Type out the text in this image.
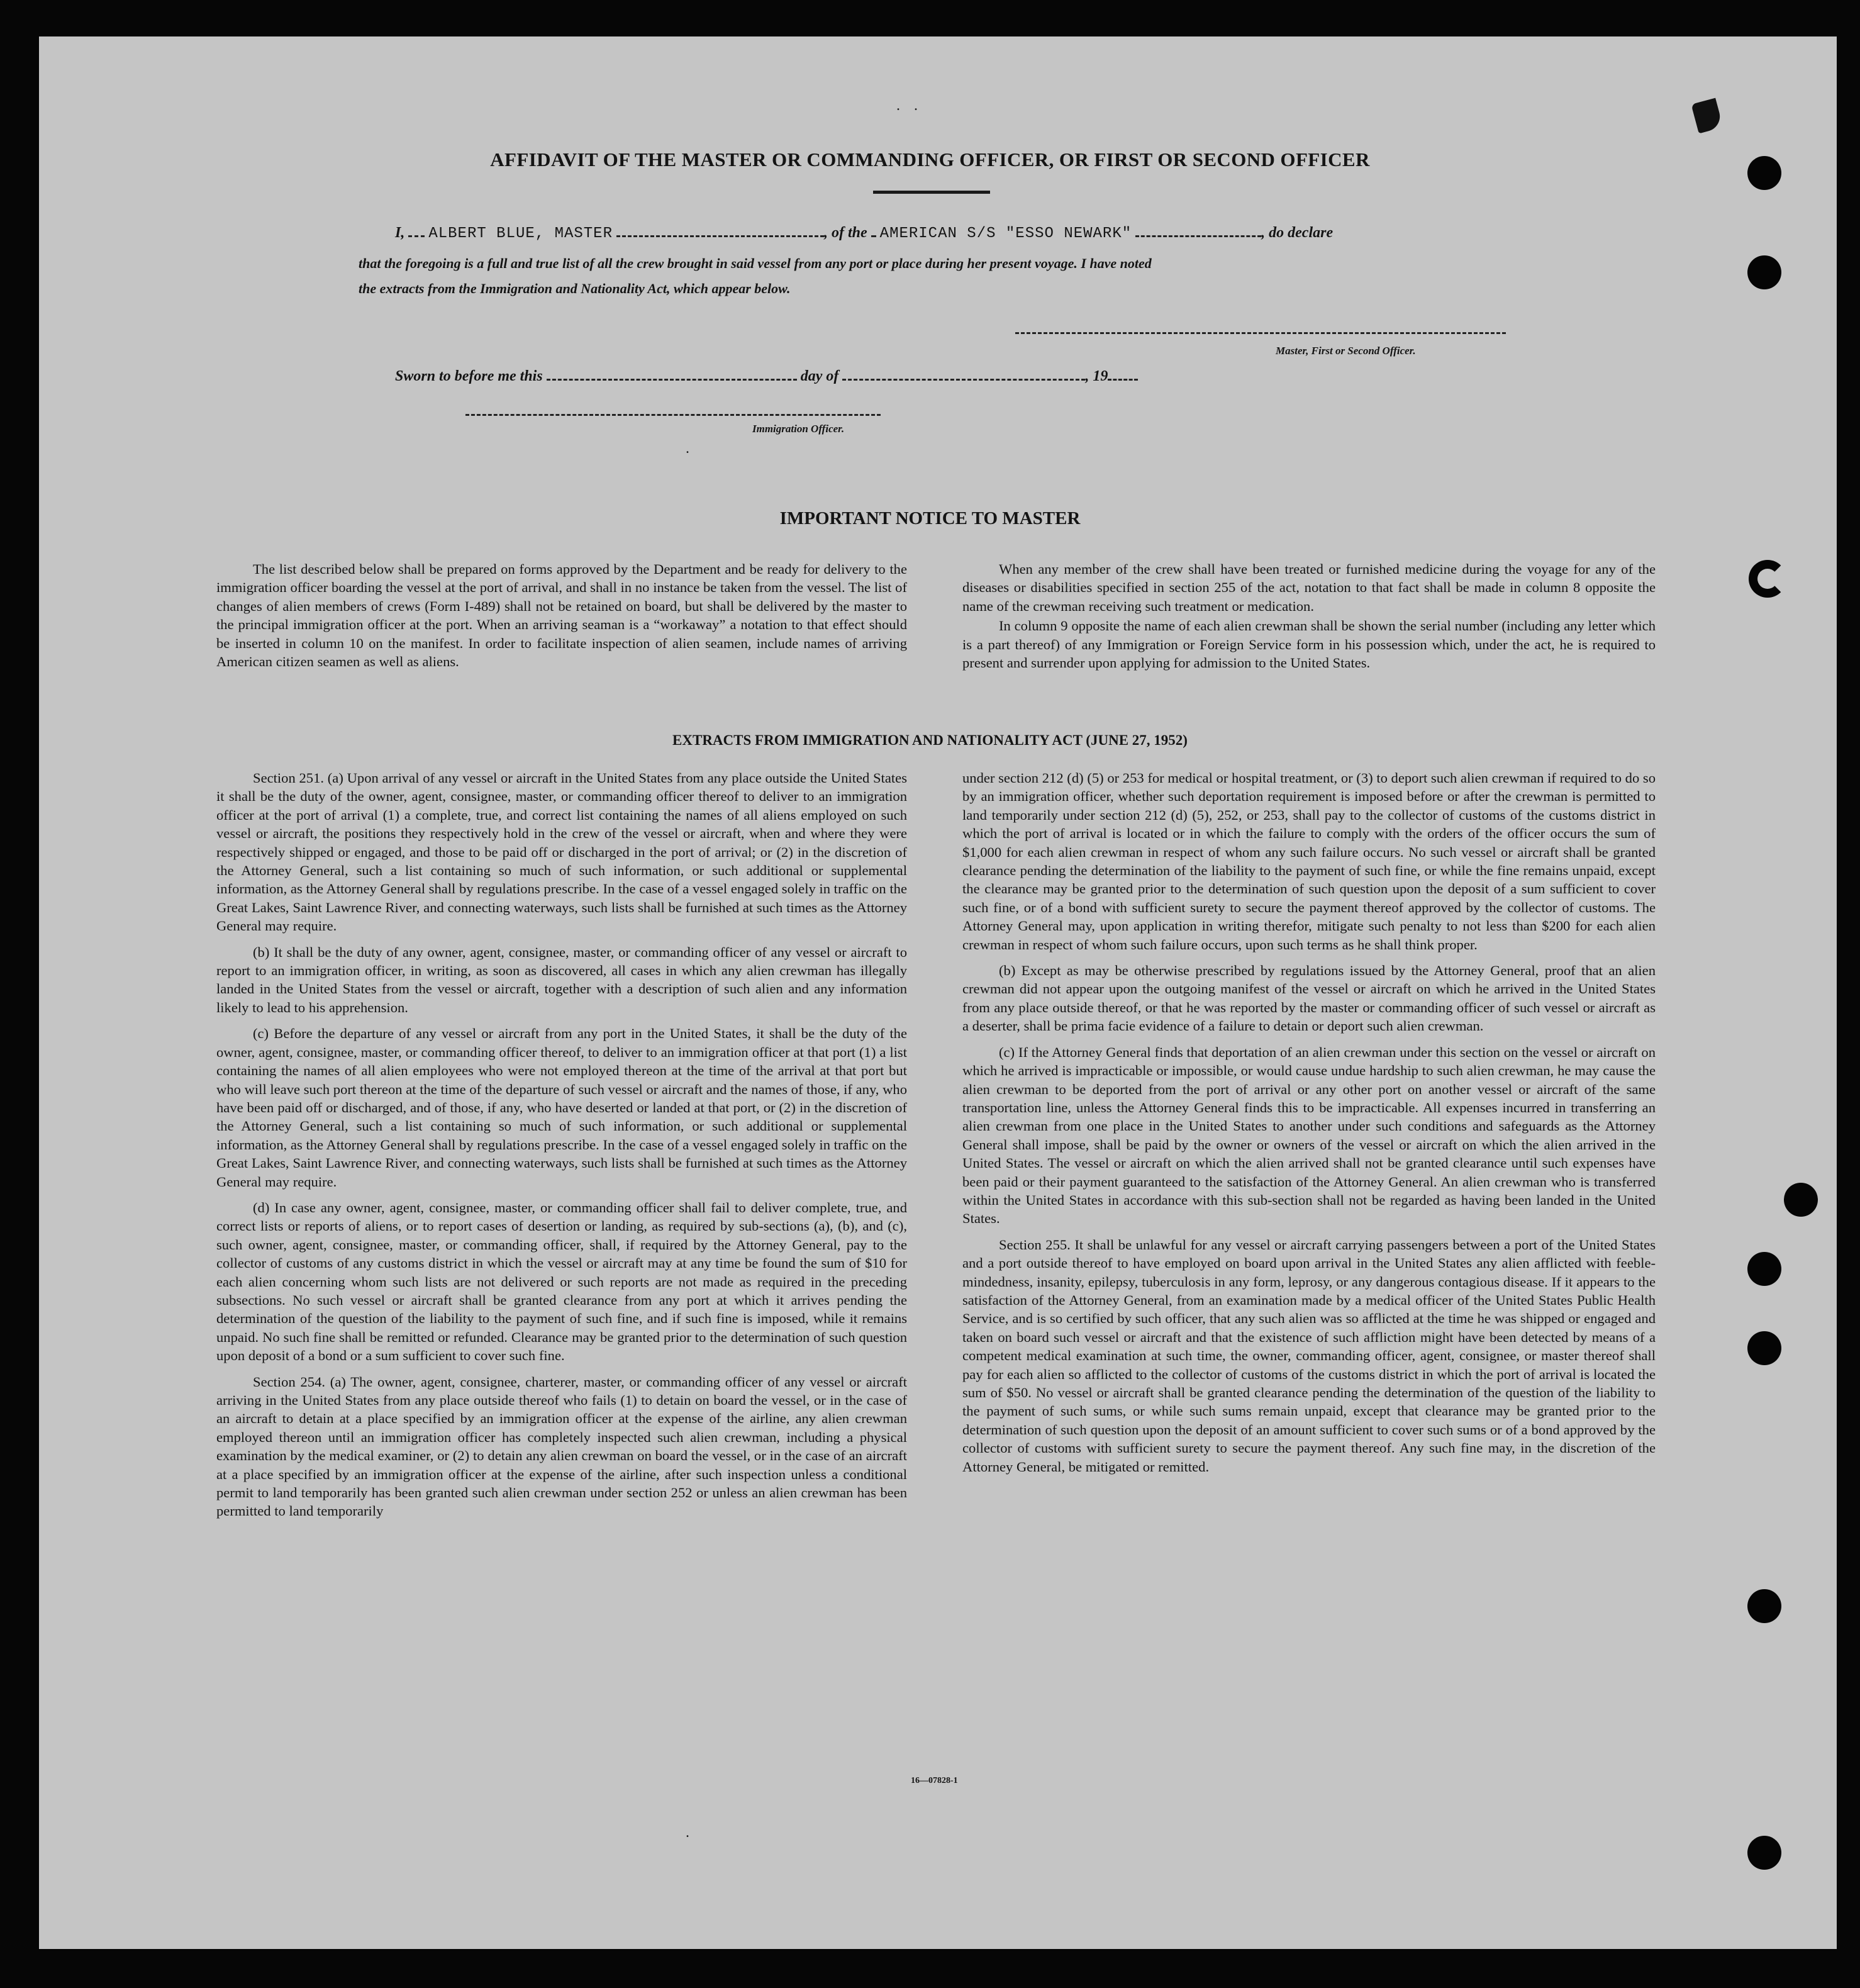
. .
.
.
AFFIDAVIT OF THE MASTER OR COMMANDING OFFICER, OR FIRST OR SECOND OFFICER
I, ALBERT BLUE, MASTER	, of the AMERICAN S/S "ESSO NEWARK"	, do declare
that the foregoing is a full and true list of all the crew brought in said vessel from any port or place during her present voyage. I have noted
the extracts from the Immigration and Nationality Act, which appear below.
Master, First or Second Officer.
Sworn to before me this	day of	, 19
Immigration Officer.
IMPORTANT NOTICE TO MASTER

The list described below shall be prepared on forms approved by the Department and be ready for delivery to the immigration officer boarding the vessel at the port of arrival, and shall in no instance be taken from the vessel. The list of changes of alien members of crews (Form I-489) shall not be retained on board, but shall be delivered by the master to the principal immigration officer at the port. When an arriving seaman is a “workaway” a notation to that effect should be inserted in column 10 on the manifest. In order to facilitate inspection of alien seamen, include names of arriving American citizen seamen as well as aliens.

When any member of the crew shall have been treated or furnished medicine during the voyage for any of the diseases or disabilities specified in section 255 of the act, notation to that fact shall be made in column 8 opposite the name of the crewman receiving such treatment or medication.

In column 9 opposite the name of each alien crewman shall be shown the serial number (including any letter which is a part thereof) of any Immigration or Foreign Service form in his possession which, under the act, he is required to present and surrender upon applying for admission to the United States.

EXTRACTS FROM IMMIGRATION AND NATIONALITY ACT (JUNE 27, 1952)

Section 251. (a) Upon arrival of any vessel or aircraft in the United States from any place outside the United States it shall be the duty of the owner, agent, consignee, master, or commanding officer thereof to deliver to an immigration officer at the port of arrival (1) a complete, true, and correct list containing the names of all aliens employed on such vessel or aircraft, the positions they respectively hold in the crew of the vessel or aircraft, when and where they were respectively shipped or engaged, and those to be paid off or discharged in the port of arrival; or (2) in the discretion of the Attorney General, such a list containing so much of such information, or such additional or supplemental information, as the Attorney General shall by regulations prescribe. In the case of a vessel engaged solely in traffic on the Great Lakes, Saint Lawrence River, and connecting waterways, such lists shall be furnished at such times as the Attorney General may require.

(b) It shall be the duty of any owner, agent, consignee, master, or commanding officer of any vessel or aircraft to report to an immigration officer, in writing, as soon as discovered, all cases in which any alien crewman has illegally landed in the United States from the vessel or aircraft, together with a description of such alien and any information likely to lead to his apprehension.

(c) Before the departure of any vessel or aircraft from any port in the United States, it shall be the duty of the owner, agent, consignee, master, or commanding officer thereof, to deliver to an immigration officer at that port (1) a list containing the names of all alien employees who were not employed thereon at the time of the arrival at that port but who will leave such port thereon at the time of the departure of such vessel or aircraft and the names of those, if any, who have been paid off or discharged, and of those, if any, who have deserted or landed at that port, or (2) in the discretion of the Attorney General, such a list containing so much of such information, or such additional or supplemental information, as the Attorney General shall by regulations prescribe. In the case of a vessel engaged solely in traffic on the Great Lakes, Saint Lawrence River, and connecting waterways, such lists shall be furnished at such times as the Attorney General may require.

(d) In case any owner, agent, consignee, master, or commanding officer shall fail to deliver complete, true, and correct lists or reports of aliens, or to report cases of desertion or landing, as required by sub-sections (a), (b), and (c), such owner, agent, consignee, master, or commanding officer, shall, if required by the Attorney General, pay to the collector of customs of any customs district in which the vessel or aircraft may at any time be found the sum of $10 for each alien concerning whom such lists are not delivered or such reports are not made as required in the preceding subsections. No such vessel or aircraft shall be granted clearance from any port at which it arrives pending the determination of the question of the liability to the payment of such fine, and if such fine is imposed, while it remains unpaid. No such fine shall be remitted or refunded. Clearance may be granted prior to the determination of such question upon deposit of a bond or a sum sufficient to cover such fine.

Section 254. (a) The owner, agent, consignee, charterer, master, or commanding officer of any vessel or aircraft arriving in the United States from any place outside thereof who fails (1) to detain on board the vessel, or in the case of an aircraft to detain at a place specified by an immigration officer at the expense of the airline, any alien crewman employed thereon until an immigration officer has completely inspected such alien crewman, including a physical examination by the medical examiner, or (2) to detain any alien crewman on board the vessel, or in the case of an aircraft at a place specified by an immigration officer at the expense of the airline, after such inspection unless a conditional permit to land temporarily has been granted such alien crewman under section 252 or unless an alien crewman has been permitted to land temporarily

under section 212 (d) (5) or 253 for medical or hospital treatment, or (3) to deport such alien crewman if required to do so by an immigration officer, whether such deportation requirement is imposed before or after the crewman is permitted to land temporarily under section 212 (d) (5), 252, or 253, shall pay to the collector of customs of the customs district in which the port of arrival is located or in which the failure to comply with the orders of the officer occurs the sum of $1,000 for each alien crewman in respect of whom any such failure occurs. No such vessel or aircraft shall be granted clearance pending the determination of the liability to the payment of such fine, or while the fine remains unpaid, except the clearance may be granted prior to the determination of such question upon the deposit of a sum sufficient to cover such fine, or of a bond with sufficient surety to secure the payment thereof approved by the collector of customs. The Attorney General may, upon application in writing therefor, mitigate such penalty to not less than $200 for each alien crewman in respect of whom such failure occurs, upon such terms as he shall think proper.

(b) Except as may be otherwise prescribed by regulations issued by the Attorney General, proof that an alien crewman did not appear upon the outgoing manifest of the vessel or aircraft on which he arrived in the United States from any place outside thereof, or that he was reported by the master or commanding officer of such vessel or aircraft as a deserter, shall be prima facie evidence of a failure to detain or deport such alien crewman.

(c) If the Attorney General finds that deportation of an alien crewman under this section on the vessel or aircraft on which he arrived is impracticable or impossible, or would cause undue hardship to such alien crewman, he may cause the alien crewman to be deported from the port of arrival or any other port on another vessel or aircraft of the same transportation line, unless the Attorney General finds this to be impracticable. All expenses incurred in transferring an alien crewman from one place in the United States to another under such conditions and safeguards as the Attorney General shall impose, shall be paid by the owner or owners of the vessel or aircraft on which the alien arrived in the United States. The vessel or aircraft on which the alien arrived shall not be granted clearance until such expenses have been paid or their payment guaranteed to the satisfaction of the Attorney General. An alien crewman who is transferred within the United States in accordance with this sub-section shall not be regarded as having been landed in the United States.

Section 255. It shall be unlawful for any vessel or aircraft carrying passengers between a port of the United States and a port outside thereof to have employed on board upon arrival in the United States any alien afflicted with feeble-mindedness, insanity, epilepsy, tuberculosis in any form, leprosy, or any dangerous contagious disease. If it appears to the satisfaction of the Attorney General, from an examination made by a medical officer of the United States Public Health Service, and is so certified by such officer, that any such alien was so afflicted at the time he was shipped or engaged and taken on board such vessel or aircraft and that the existence of such affliction might have been detected by means of a competent medical examination at such time, the owner, commanding officer, agent, consignee, or master thereof shall pay for each alien so afflicted to the collector of customs of the customs district in which the port of arrival is located the sum of $50. No vessel or aircraft shall be granted clearance pending the determination of the question of the liability to the payment of such sums, or while such sums remain unpaid, except that clearance may be granted prior to the determination of such question upon the deposit of an amount sufficient to cover such sums or of a bond approved by the collector of customs with sufficient surety to secure the payment thereof. Any such fine may, in the discretion of the Attorney General, be mitigated or remitted.

16—07828-1
